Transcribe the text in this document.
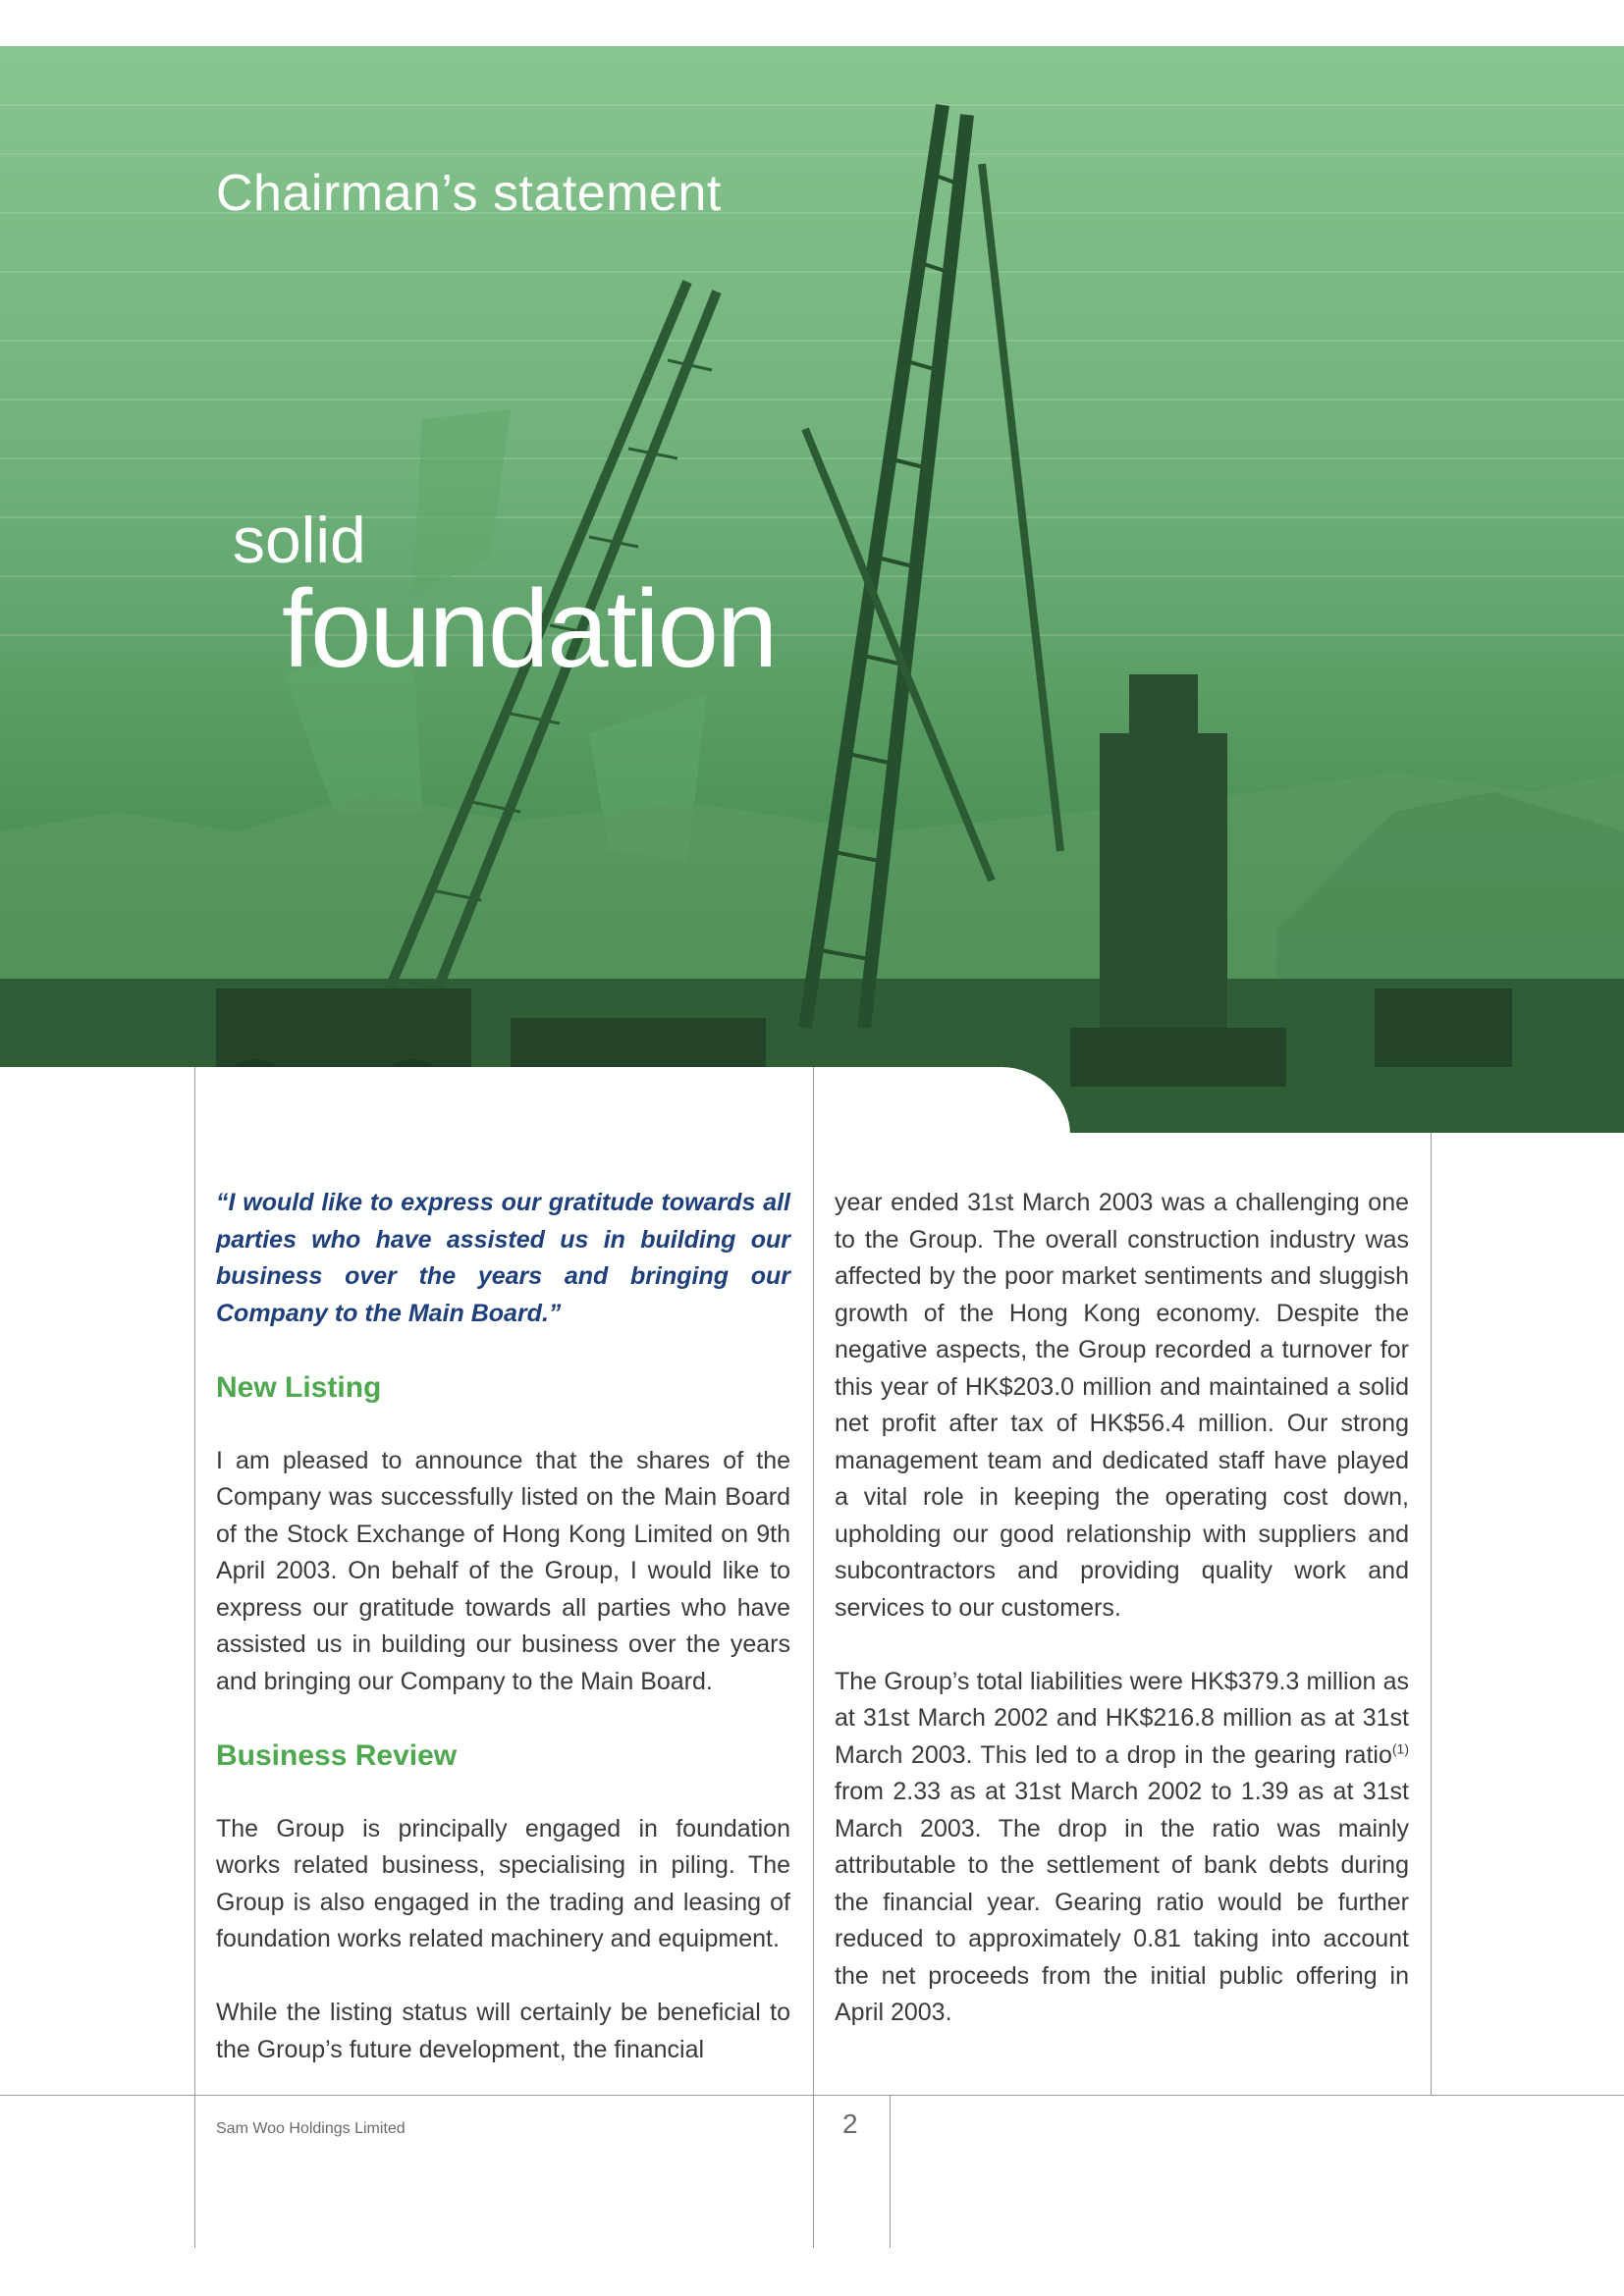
Chairman’s statement
solid
foundation
“I would like to express our gratitude towards all parties who have assisted us in building our business over the years and bringing our Company to the Main Board.”
New Listing

I am pleased to announce that the shares of the Company was successfully listed on the Main Board of the Stock Exchange of Hong Kong Limited on 9th April 2003. On behalf of the Group, I would like to express our gratitude towards all parties who have assisted us in building our business over the years and bringing our Company to the Main Board.

Business Review

The Group is principally engaged in foundation works related business, specialising in piling. The Group is also engaged in the trading and leasing of foundation works related machinery and equipment.

While the listing status will certainly be beneficial to the Group’s future development, the financial

year ended 31st March 2003 was a challenging one to the Group. The overall construction industry was affected by the poor market sentiments and sluggish growth of the Hong Kong economy. Despite the negative aspects, the Group recorded a turnover for this year of HK$203.0 million and maintained a solid net profit after tax of HK$56.4 million. Our strong management team and dedicated staff have played a vital role in keeping the operating cost down, upholding our good relationship with suppliers and subcontractors and providing quality work and services to our customers.

The Group’s total liabilities were HK$379.3 million as at 31st March 2002 and HK$216.8 million as at 31st March 2003. This led to a drop in the gearing ratio$^{(1)}$ from 2.33 as at 31st March 2002 to 1.39 as at 31st March 2003. The drop in the ratio was mainly attributable to the settlement of bank debts during the financial year. Gearing ratio would be further reduced to approximately 0.81 taking into account the net proceeds from the initial public offering in April 2003.

Sam Woo Holdings Limited	2
